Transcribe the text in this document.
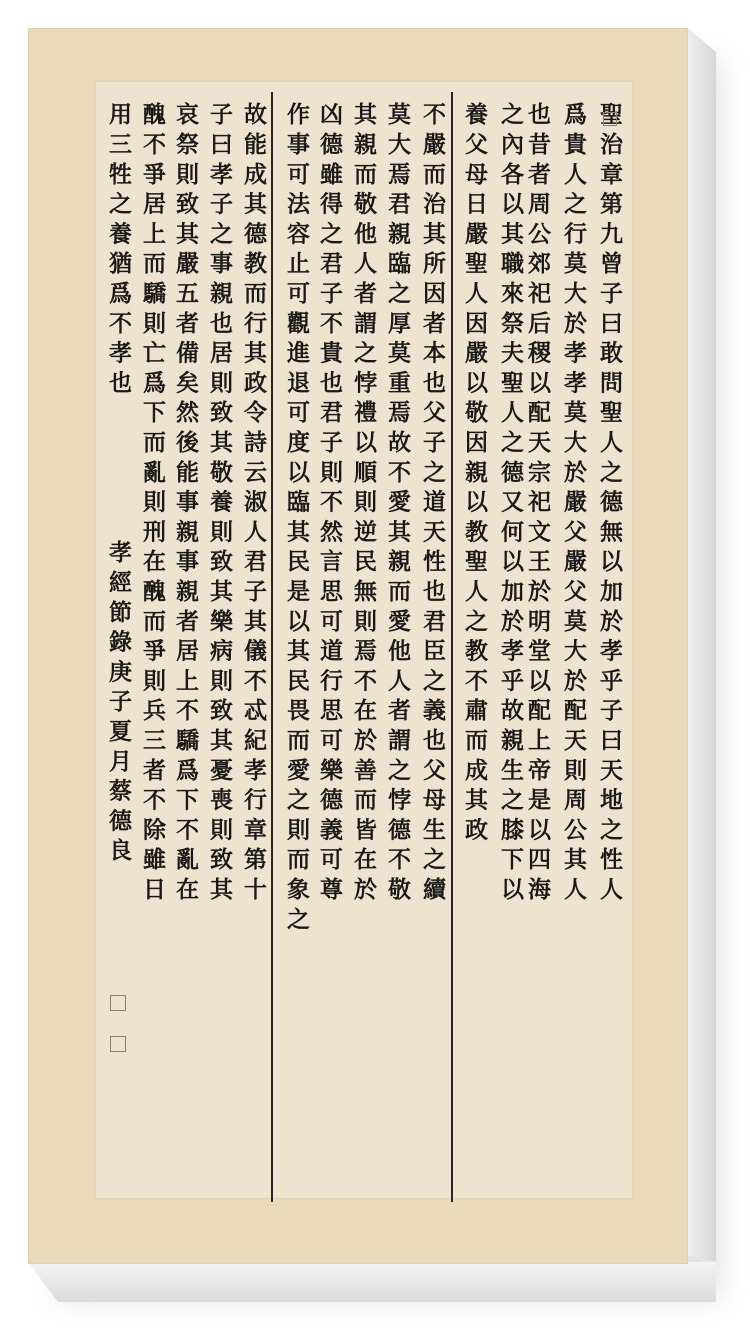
聖治章第九曾子曰敢問聖人之德無以加於孝乎子曰天地之性人
爲貴人之行莫大於孝孝莫大於嚴父嚴父莫大於配天則周公其人
也昔者周公郊祀后稷以配天宗祀文王於明堂以配上帝是以四海
之內各以其職來祭夫聖人之德又何以加於孝乎故親生之膝下以
養父母日嚴聖人因嚴以敬因親以教聖人之教不肅而成其政
不嚴而治其所因者本也父子之道天性也君臣之義也父母生之續
莫大焉君親臨之厚莫重焉故不愛其親而愛他人者謂之悖德不敬
其親而敬他人者謂之悖禮以順則逆民無則焉不在於善而皆在於
凶德雖得之君子不貴也君子則不然言思可道行思可樂德義可尊
作事可法容止可觀進退可度以臨其民是以其民畏而愛之則而象之
故能成其德教而行其政令詩云淑人君子其儀不忒紀孝行章第十
子曰孝子之事親也居則致其敬養則致其樂病則致其憂喪則致其
哀祭則致其嚴五者備矣然後能事親事親者居上不驕爲下不亂在
醜不爭居上而驕則亡爲下而亂則刑在醜而爭則兵三者不除雖日
用三牲之養猶爲不孝也
孝經節錄庚子夏月蔡德良
